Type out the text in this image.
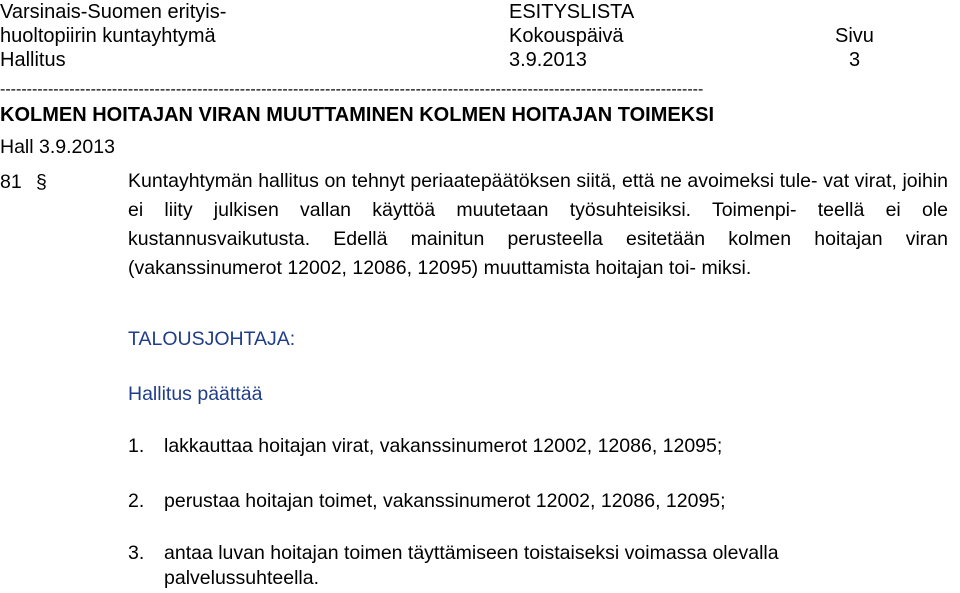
Varsinais-Suomen erityis-
huoltopiirin kuntayhtymä
Hallitus
ESITYSLISTA
Kokouspäivä
3.9.2013
Sivu
3
------------------------------------------------------------------------------------------------------------------------------------
KOLMEN HOITAJAN VIRAN MUUTTAMINEN KOLMEN HOITAJAN TOIMEKSI
Hall 3.9.2013
81 §	Kuntayhtymän hallitus on tehnyt periaatepäätöksen siitä, että ne avoimeksi tule- vat virat, joihin ei liity julkisen vallan käyttöä muutetaan työsuhteisiksi. Toimenpi- teellä ei ole kustannusvaikutusta. Edellä mainitun perusteella esitetään kolmen hoitajan viran (vakanssinumerot 12002, 12086, 12095) muuttamista hoitajan toi- miksi.
TALOUSJOHTAJA:
Hallitus päättää
1. lakkauttaa hoitajan virat, vakanssinumerot 12002, 12086, 12095;
2. perustaa hoitajan toimet, vakanssinumerot 12002, 12086, 12095;
3. antaa luvan hoitajan toimen täyttämiseen toistaiseksi voimassa olevalla
palvelussuhteella.
